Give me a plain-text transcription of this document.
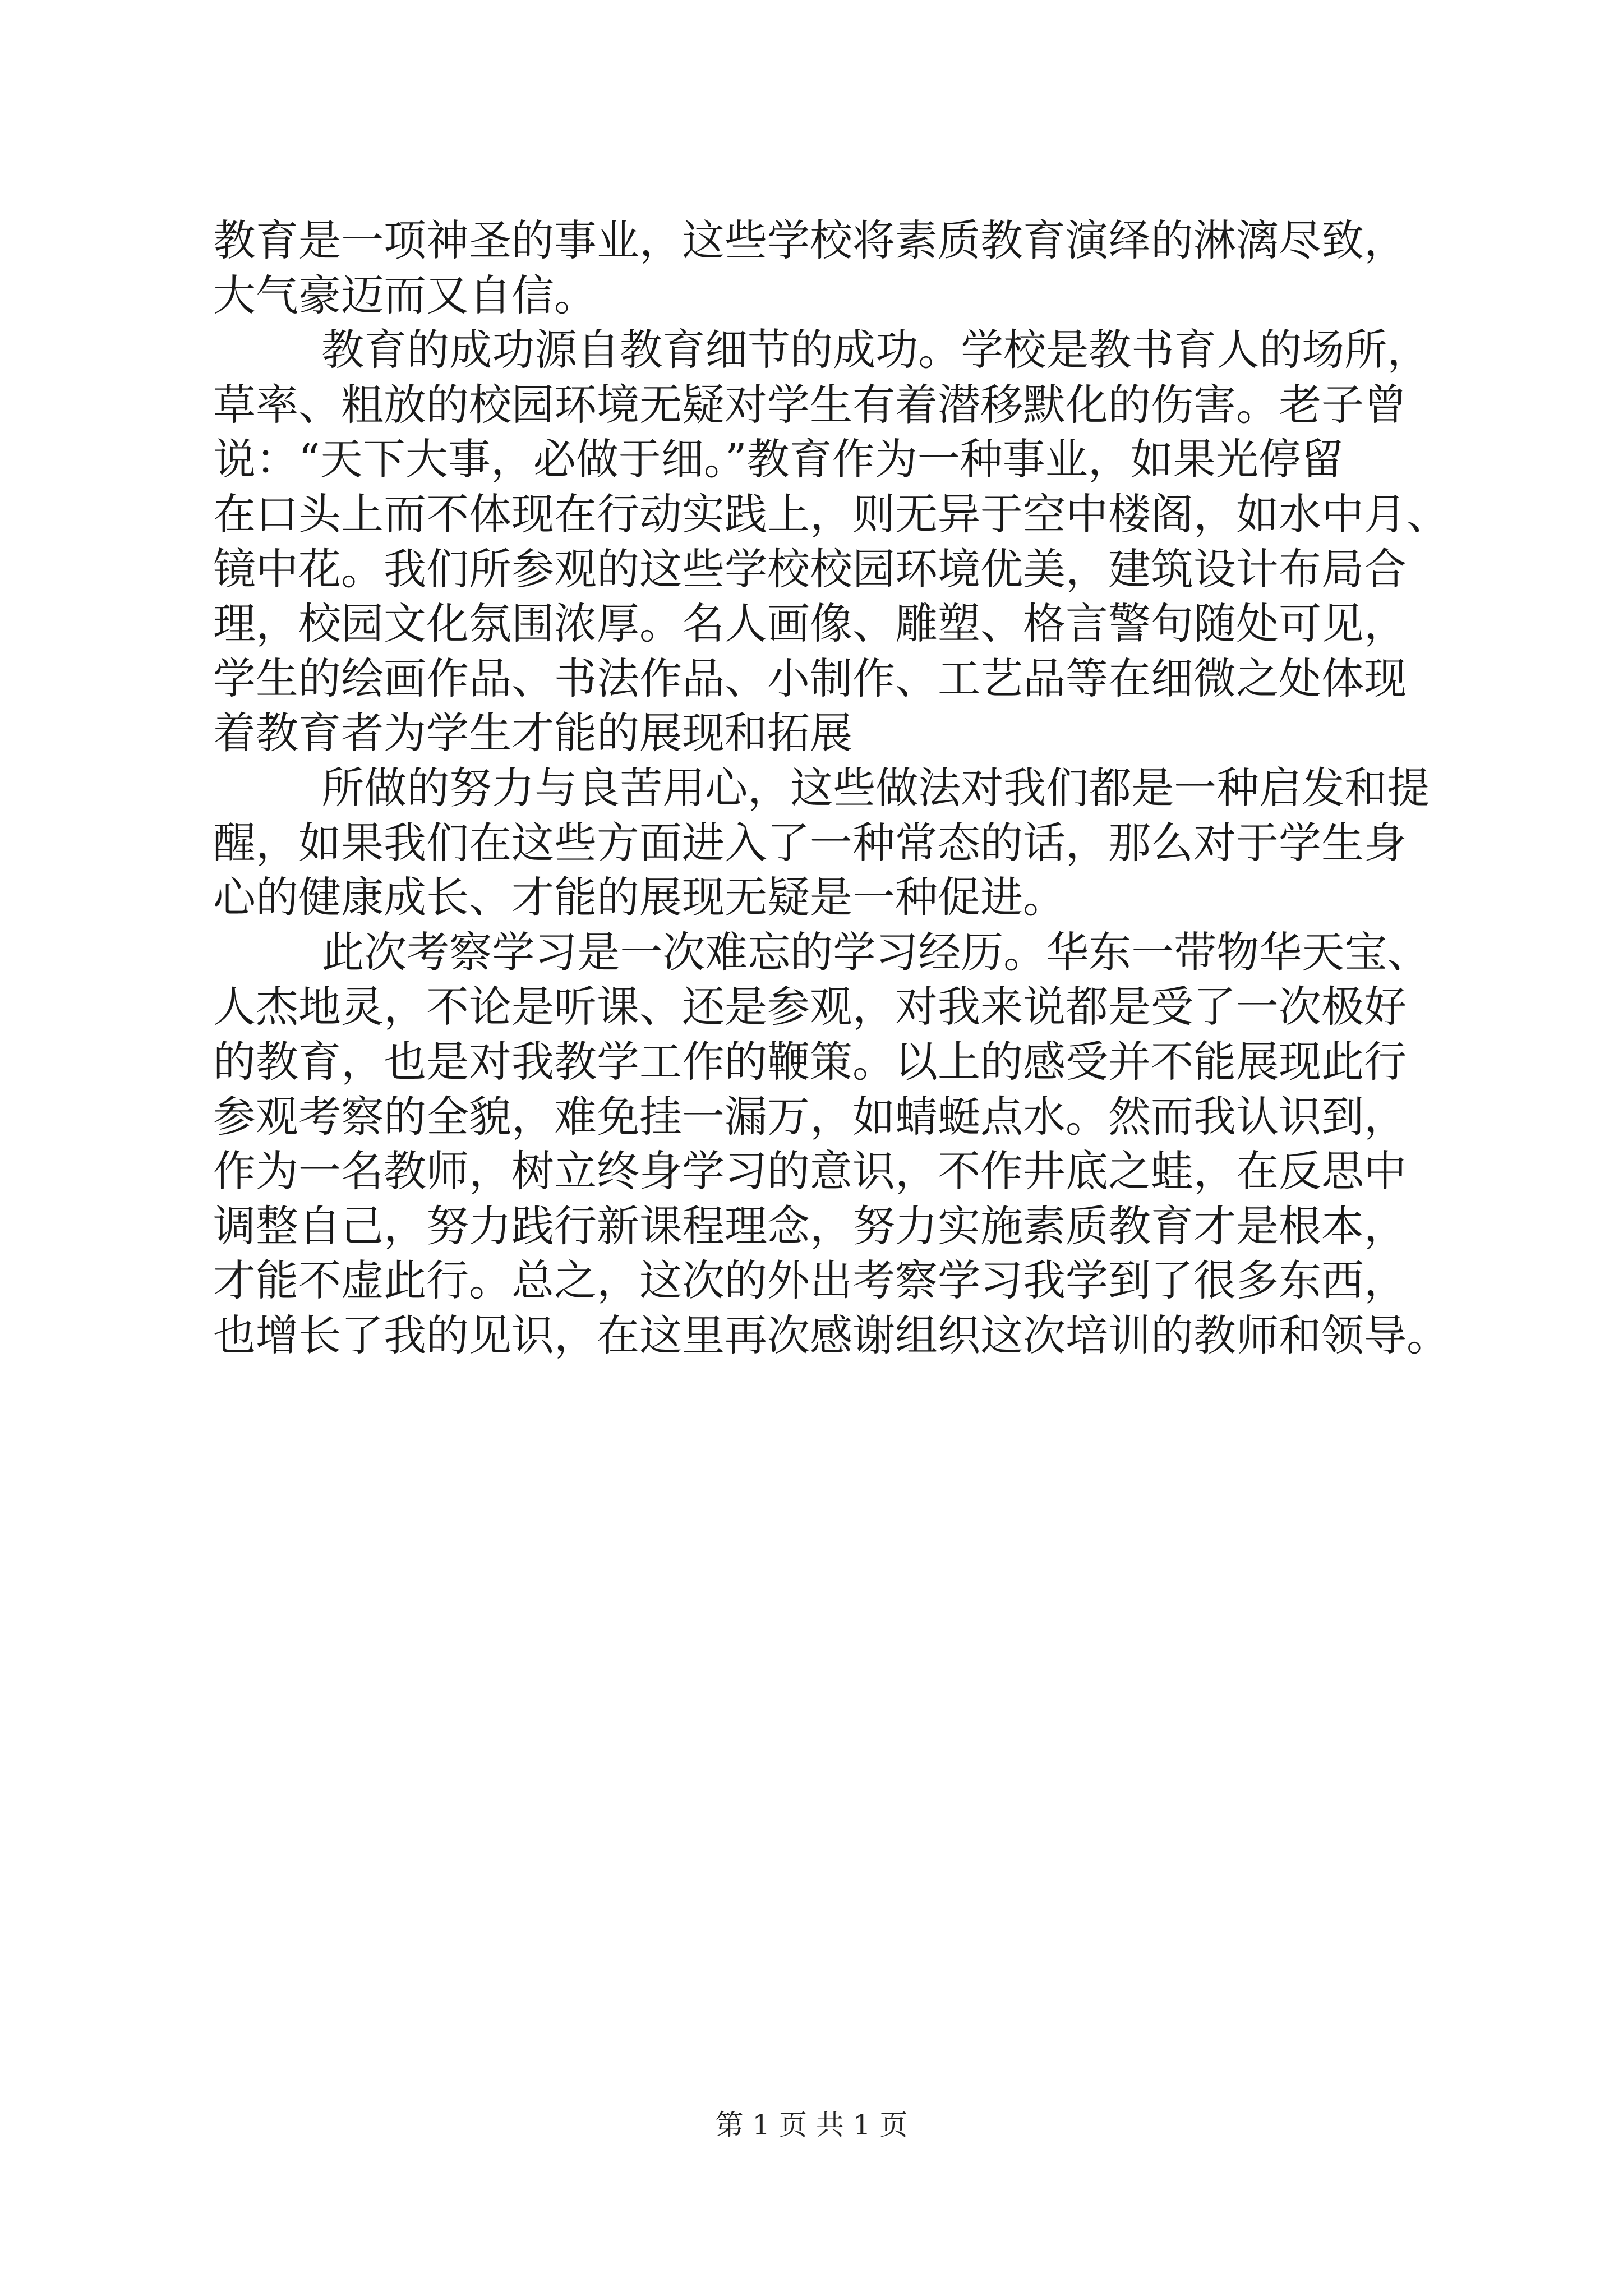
教育是一项神圣的事业，这些学校将素质教育演绎的淋漓尽致，

大气豪迈而又自信。

教育的成功源自教育细节的成功。学校是教书育人的场所，

草率、粗放的校园环境无疑对学生有着潜移默化的伤害。老子曾

说：“天下大事，必做于细。”教育作为一种事业，如果光停留

在口头上而不体现在行动实践上，则无异于空中楼阁，如水中月、

镜中花。我们所参观的这些学校校园环境优美，建筑设计布局合

理，校园文化氛围浓厚。名人画像、雕塑、格言警句随处可见，

学生的绘画作品、书法作品、小制作、工艺品等在细微之处体现

着教育者为学生才能的展现和拓展

所做的努力与良苦用心，这些做法对我们都是一种启发和提

醒，如果我们在这些方面进入了一种常态的话，那么对于学生身

心的健康成长、才能的展现无疑是一种促进。

此次考察学习是一次难忘的学习经历。华东一带物华天宝、

人杰地灵，不论是听课、还是参观，对我来说都是受了一次极好

的教育，也是对我教学工作的鞭策。以上的感受并不能展现此行

参观考察的全貌，难免挂一漏万，如蜻蜓点水。然而我认识到，

作为一名教师，树立终身学习的意识，不作井底之蛙，在反思中

调整自己，努力践行新课程理念，努力实施素质教育才是根本，

才能不虚此行。总之，这次的外出考察学习我学到了很多东西，

也增长了我的见识，在这里再次感谢组织这次培训的教师和领导。

第 1 页 共 1 页
